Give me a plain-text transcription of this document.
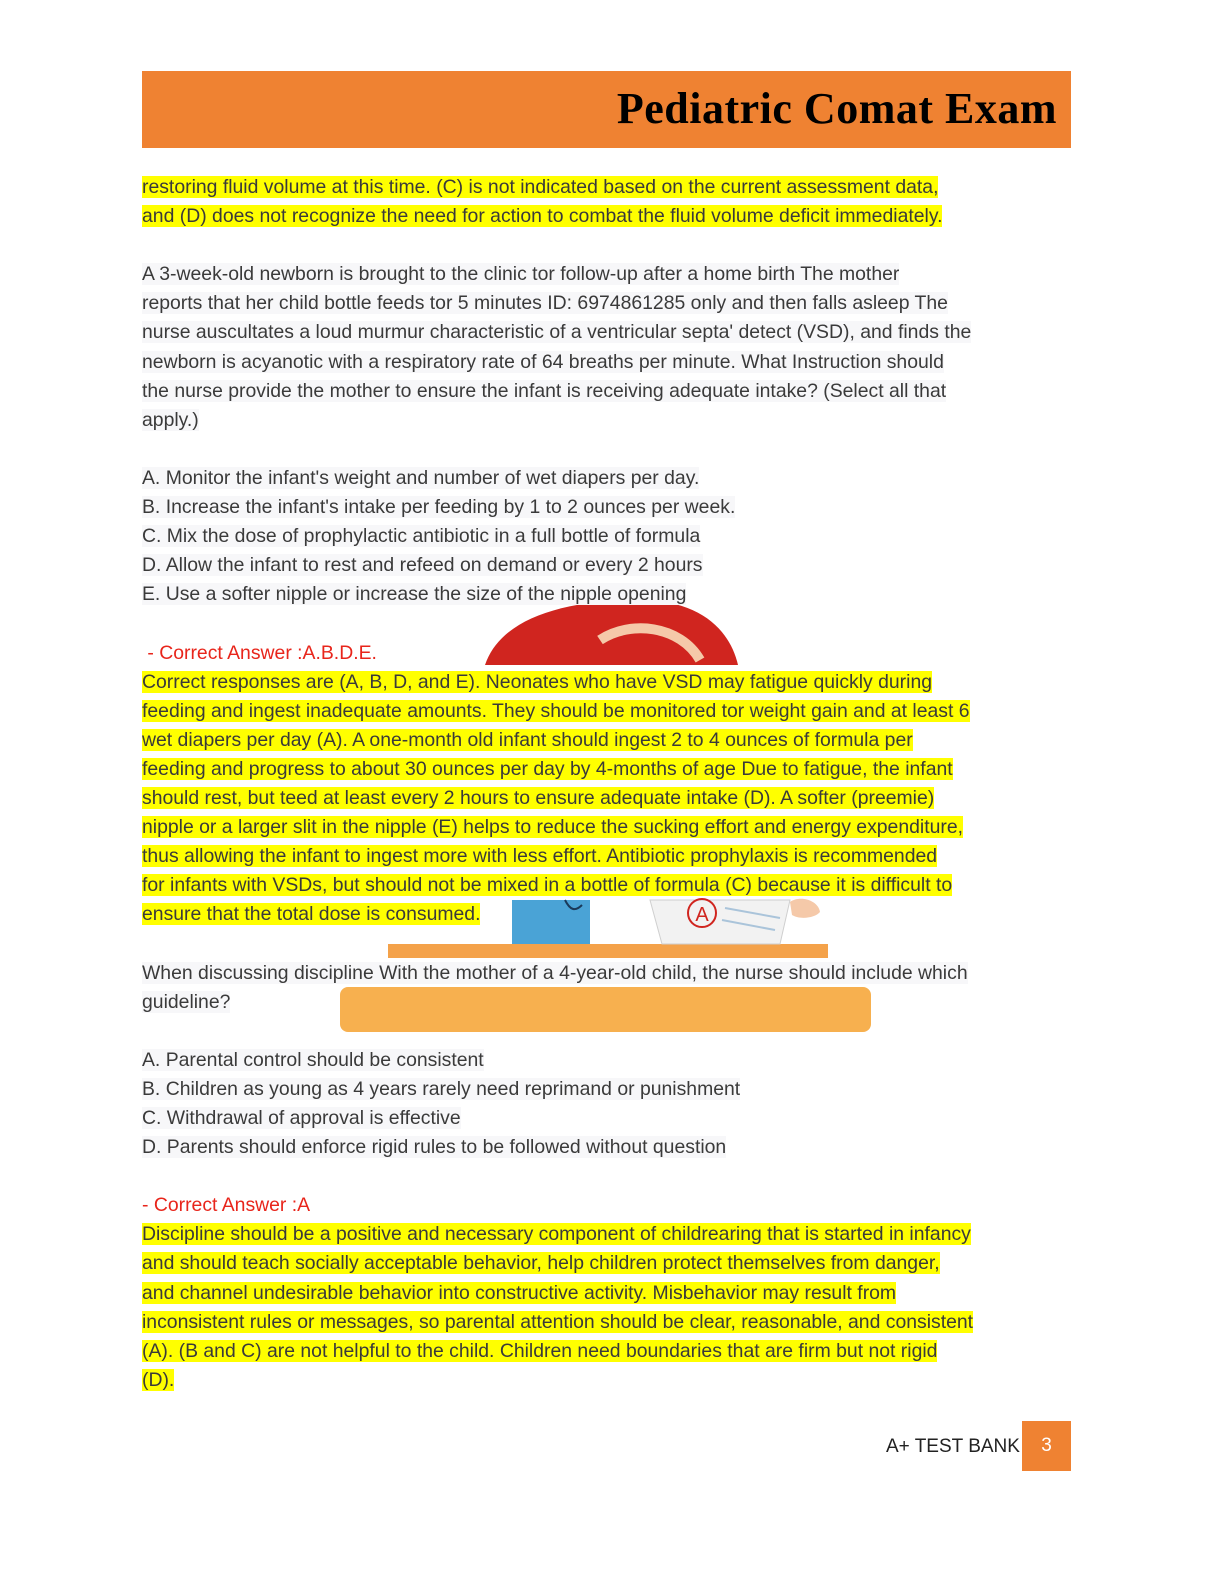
Pediatric Comat Exam
A

restoring fluid volume at this time. (C) is not indicated based on the current assessment data,

and (D) does not recognize the need for action to combat the fluid volume deficit immediately.

A 3-week-old newborn is brought to the clinic tor follow-up after a home birth The mother

reports that her child bottle feeds tor 5 minutes ID: 6974861285 only and then falls asleep The

nurse auscultates a loud murmur characteristic of a ventricular septa' detect (VSD), and finds the

newborn is acyanotic with a respiratory rate of 64 breaths per minute. What Instruction should

the nurse provide the mother to ensure the infant is receiving adequate intake? (Select all that

apply.)

A. Monitor the infant's weight and number of wet diapers per day.

B. Increase the infant's intake per feeding by 1 to 2 ounces per week.

C. Mix the dose of prophylactic antibiotic in a full bottle of formula

D. Allow the infant to rest and refeed on demand or every 2 hours

E. Use a softer nipple or increase the size of the nipple opening

- Correct Answer :A.B.D.E.

Correct responses are (A, B, D, and E). Neonates who have VSD may fatigue quickly during

feeding and ingest inadequate amounts. They should be monitored tor weight gain and at least 6

wet diapers per day (A). A one-month old infant should ingest 2 to 4 ounces of formula per

feeding and progress to about 30 ounces per day by 4-months of age Due to fatigue, the infant

should rest, but teed at least every 2 hours to ensure adequate intake (D). A softer (preemie)

nipple or a larger slit in the nipple (E) helps to reduce the sucking effort and energy expenditure,

thus allowing the infant to ingest more with less effort. Antibiotic prophylaxis is recommended

for infants with VSDs, but should not be mixed in a bottle of formula (C) because it is difficult to

ensure that the total dose is consumed.

When discussing discipline With the mother of a 4-year-old child, the nurse should include which

guideline?

A. Parental control should be consistent

B. Children as young as 4 years rarely need reprimand or punishment

C. Withdrawal of approval is effective

D. Parents should enforce rigid rules to be followed without question

- Correct Answer :A

Discipline should be a positive and necessary component of childrearing that is started in infancy

and should teach socially acceptable behavior, help children protect themselves from danger,

and channel undesirable behavior into constructive activity. Misbehavior may result from

inconsistent rules or messages, so parental attention should be clear, reasonable, and consistent

(A). (B and C) are not helpful to the child. Children need boundaries that are firm but not rigid

(D).

A+ TEST BANK	3
